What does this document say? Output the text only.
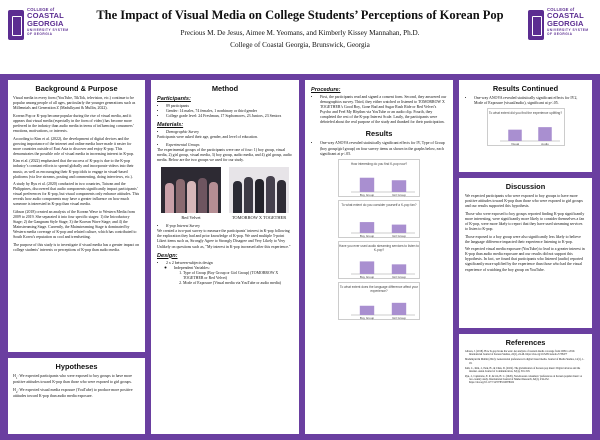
COLLEGE of
COASTAL GEORGIA
UNIVERSITY SYSTEM OF GEORGIA
The Impact of Visual Media on College Students’ Perceptions of Korean Pop
Precious M. De Jesus, Aimee M. Yeomans, and Kimberly Kissey Mannahan, Ph.D.
College of Coastal Georgia, Brunswick, Georgia
COLLEGE of
COASTAL GEORGIA
UNIVERSITY SYSTEM OF GEORGIA
Background & Purpose

Visual media in every form (YouTube, TikTok, television, etc.) continue to be popular among people of all ages, particularly the younger generations such as Millennials and Generation Z (Madulkyani & Mullin, 2022).

Korean Pop or K-pop became popular during the rise of visual media, and it appears that visual media (especially in the form of video) has become more preferred in the industry than audio media in terms of influencing consumers’ emotions, motivations, or interests.

According to Kim et al. (2022), the development of digital devices and the growing importance of the internet and online media have made it easier for more countries outside of East Asia to discover and enjoy K-pop. This demonstrates the possible role of visual media in increasing interest in K-pop.

Kim et al. (2022) emphasized that the success of K-pop is due to the K-pop industry’s constant efforts to spread globally and incorporate videos into their music, as well as encouraging their K-pop idols to engage in visual-based platforms (via live streams, posting and commenting, doing interviews, etc.).

A study by Ryu et al. (2020) conducted in two countries, Taiwan and the Philippines, discovered that audio components significantly impact participants’ visual preferences for K-pop, but visual components only enhance attitudes. This reveals how audio components may have a greater influence on how much someone is interested in K-pop than visual media.

Gibson (2018) created an analysis of the Korean Wave to Western Media from 2009 to 2019. She separated it into four specific stages: 1) the Introductory Stage; 2) the Gangnam Style Stage; 3) the Korean Wave Stage; and 4) the Mainstreaming Stage. Currently, the Mainstreaming Stage is dominated by Western media coverage of K-pop and related culture, which has contributed to South Korea’s reputation as cool and trendsetting.

The purpose of this study is to investigate if visual media has a greater impact on college students’ interests or perceptions of K-pop than audio media.

Hypotheses

$H_1$: We expected participants who were exposed to boy groups to have more positive attitudes toward K-pop than those who were exposed to girl groups.

$H_2$: We expected visual media exposure (YouTube) to produce more positive attitudes toward K-pop than audio media exposure.

Method
Participants:
• 89 participants
• Gender: 14 males, 74 females, 1 nonbinary or third gender
• College grade level: 24 Freshman, 17 Sophomores, 23 Juniors, 23 Seniors
Materials:
• Demographic Survey

Participants were asked their age, gender, and level of education.

• Experimental Groups

The experimental groups of the participants were one of four: 1) boy group, visual media, 2) girl group, visual media, 3) boy group, audio media, and 4) girl group, audio media. Below are the two groups we used for our study.

Red Velvet	TOMORROW X TOGETHER
• K-pop Interest Survey

We created a two-part survey to measure the participants’ interest in K-pop following the exploration they had and prior knowledge of K-pop. We used multiple 5-point Likert items such as, Strongly Agree to Strongly Disagree and Very Likely to Very Unlikely on questions such as, "My interest in K-pop increased after this experience."

Design:
• 2 x 2 between-subjects design
◦ Independent Variables:
1. Type of Group (Boy Group or Girl Group) (TOMORROW X TOGETHER or Red Velvet)
2. Mode of Exposure (Visual media via YouTube or audio media)
Procedure:
• First, the participants read and signed a consent form. Second, they answered our demographics survey. Third, they either watched or listened to TOMORROW X TOGETHER’s Good Boy, Gone Bad and Sugar Rush Ride or Red Velvet’s Psycho and Feel My Rhythm via YouTube or an audio clip. Fourth, they completed the rest of the K-pop Interest Scale. Lastly, the participants were debriefed about the real purpose of the study and thanked for their participation.
Results
• One-way ANOVA revealed statistically significant effects for IV, Type of Group (boy group/girl group) on four survey items as shown in the graphs below, each significant at p<.05.
How interesting do you find K-pop now?
Boy Group	Girl Group
To what extent do you consider yourself a K-pop fan?
Boy Group	Girl Group
Have you ever used audio streaming services to listen to K-pop?
Boy Group	Girl Group
To what extent does the language difference affect your experience?
Boy Group	Girl Group
Results Continued
• One-way ANOVA revealed statistically significant effects for IV2, Mode of Exposure (visual/audio), significant at p<.05.
To what extent did you find the experience uplifting?
Visual	Audio
Discussion

We expected participants who were exposed to boy groups to have more positive attitudes toward K-pop than those who were exposed to girl groups and our results supported this hypothesis.

Those who were exposed to boy groups reported finding K-pop significantly more interesting, were significantly more likely to consider themselves a fan of K-pop, were more likely to report that they have used streaming services to listen to K-pop.

Those exposed to a boy group were also significantly less likely to believe the language difference impacted their experience listening to K-pop.

We expected visual media exposure (YouTube) to lead to a greater interest in K-pop than audio media exposure and our results did not support this hypothesis. In fact, we found that participants who listened (audio) reported significantly more uplifted by the experience than those who had the visual experience of watching the boy group on YouTube.

References

Gibson, J. (2018). How K-pop broke the west: An analysis of western media coverage from 2009 to 2019. International Journal of Korean Studies, 22(2), 24-46. https://doi.org/10.5281/zenodo.5738477

Madulkyani & Mullin (2022). Generational preferences in digital visual media. Journal of Media Studies, 14(1), 1-18.

Kim, C., Kim, J., Park, H., & Chun, D. (2022). The globalization of Korean pop music: Digital devices and the internet. Asian Journal of Communication, 32(4), 301-318.

Ryu, J., Capistrano, E. P., & Lin, H. C. (2020). Non-Korean consumers’ preferences on Korean popular music: A two-country study. International Journal of Market Research, 62(2), 234-252. https://doi.org/10.1177/1470785319878022
